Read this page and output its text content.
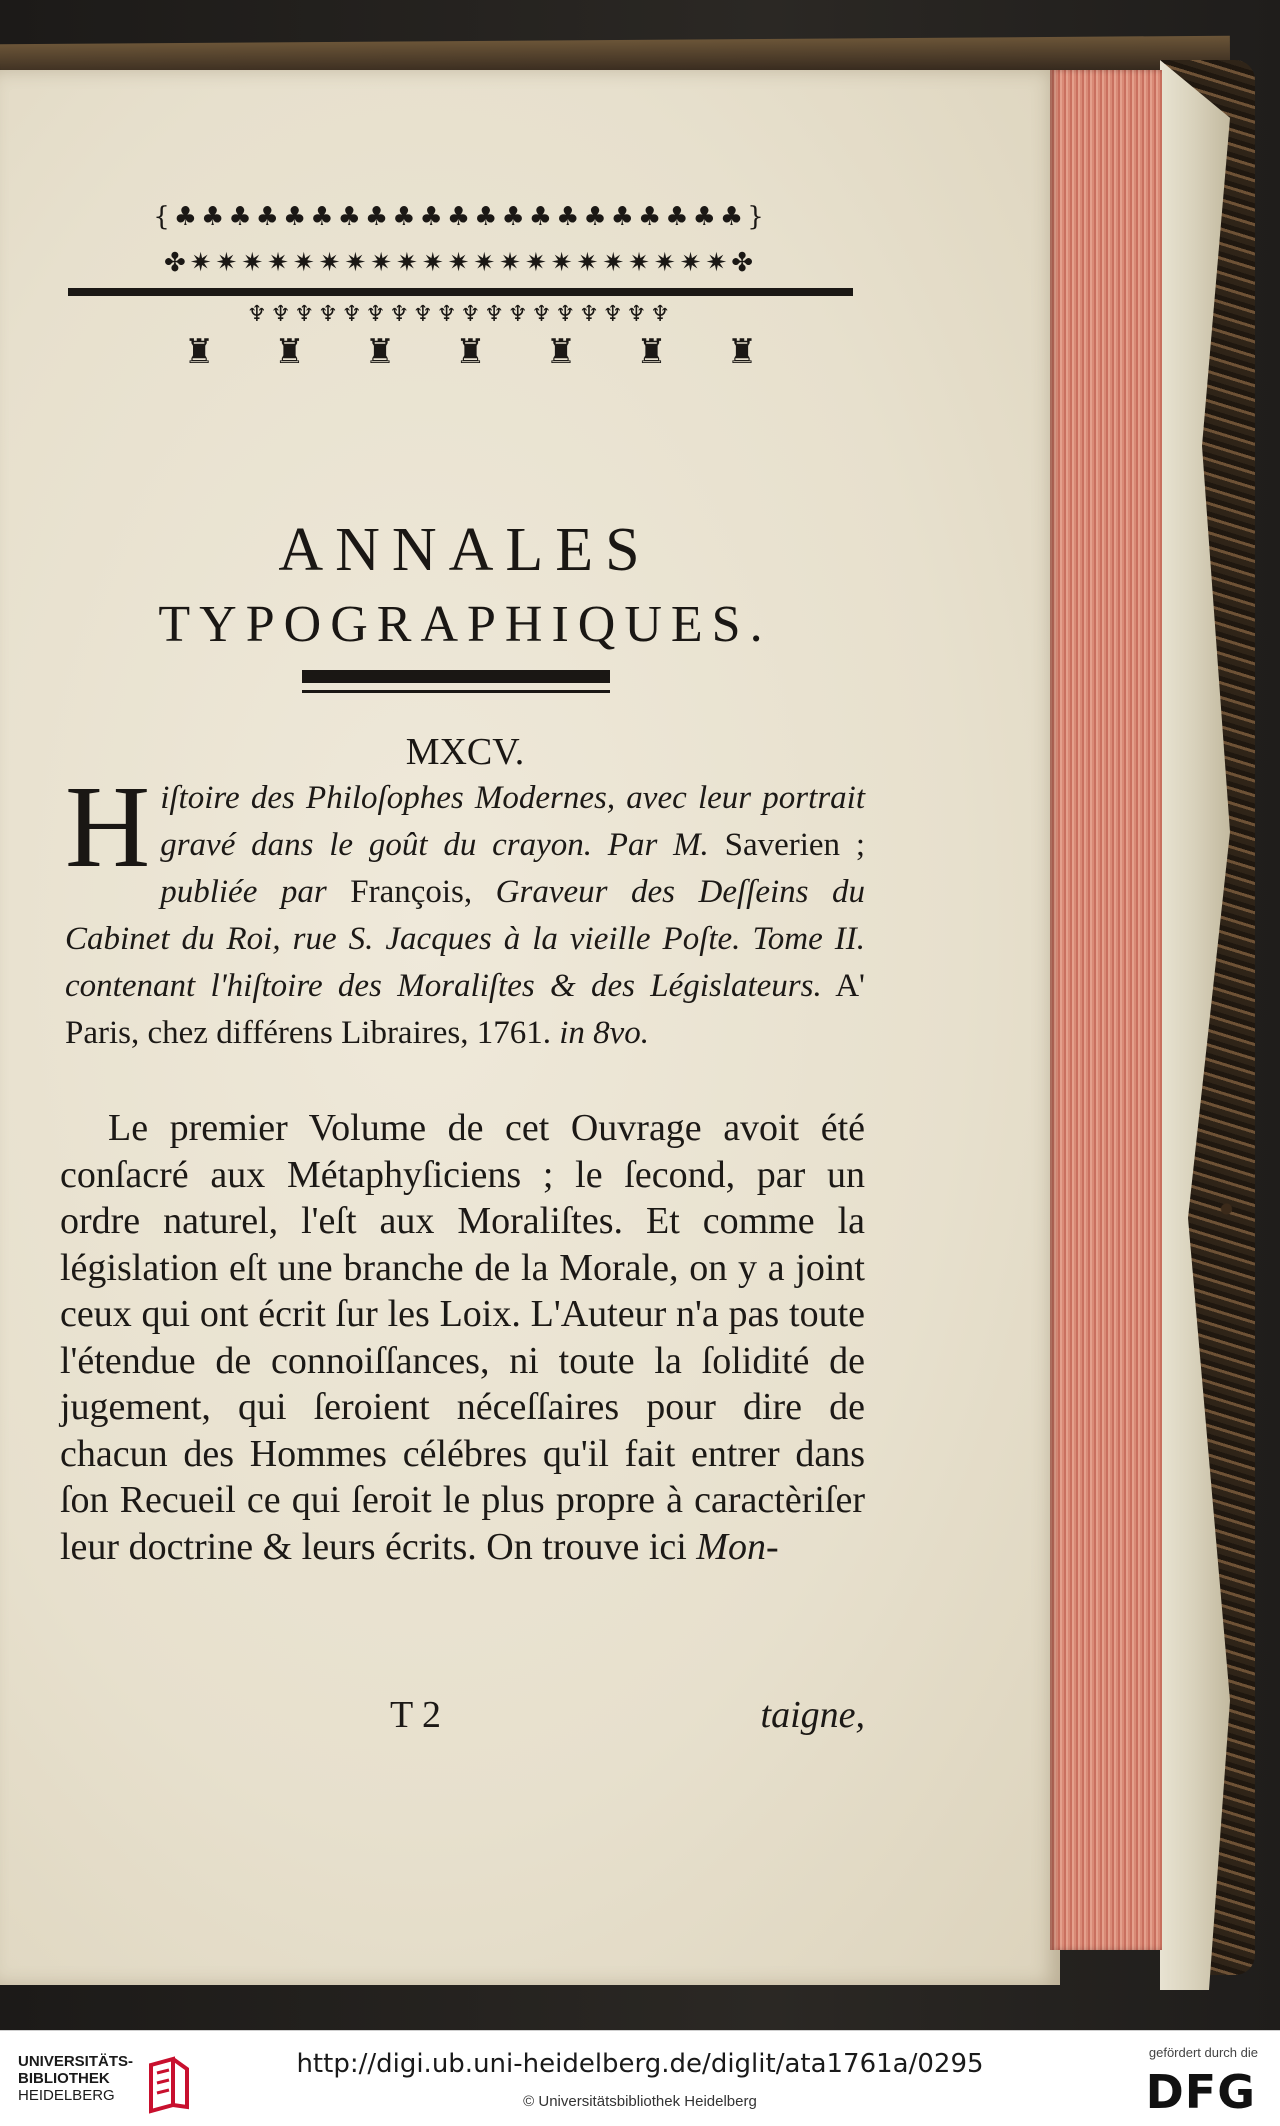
{♣♣♣♣♣♣♣♣♣♣♣♣♣♣♣♣♣♣♣♣♣}
✤✷✷✷✷✷✷✷✷✷✷✷✷✷✷✷✷✷✷✷✷✷✤
♆♆♆♆♆♆♆♆♆♆♆♆♆♆♆♆♆♆
♜♜♜♜♜♜♜
ANNALES
TYPOGRAPHIQUES.
MXCV.
H iſtoire des Philoſophes Modernes, avec leur portrait gravé dans le goût du crayon. Par M. Saverien ; publiée par François, Graveur des Deſſeins du Cabinet du Roi, rue S. Jacques à la vieille Poſte. Tome II. contenant l'hiſtoire des Moraliſtes & des Législateurs. A' Paris, chez différens Libraires, 1761. in 8vo.

Le premier Volume de cet Ouvrage avoit été conſacré aux Métaphyſiciens ; le ſecond, par un ordre naturel, l'eſt aux Moraliſtes. Et comme la législation eſt une branche de la Morale, on y a joint ceux qui ont écrit ſur les Loix. L'Auteur n'a pas toute l'étendue de connoiſſances, ni toute la ſolidité de jugement, qui ſeroient néceſſaires pour dire de chacun des Hommes célébres qu'il fait entrer dans ſon Recueil ce qui ſeroit le plus propre à caractèriſer leur doctrine & leurs écrits. On trouve ici Mon-

T 2	taigne,
UNIVERSITÄTS-
BIBLIOTHEK
HEIDELBERG
http://digi.ub.uni-heidelberg.de/diglit/ata1761a/0295
© Universitätsbibliothek Heidelberg
gefördert durch die
DFG
